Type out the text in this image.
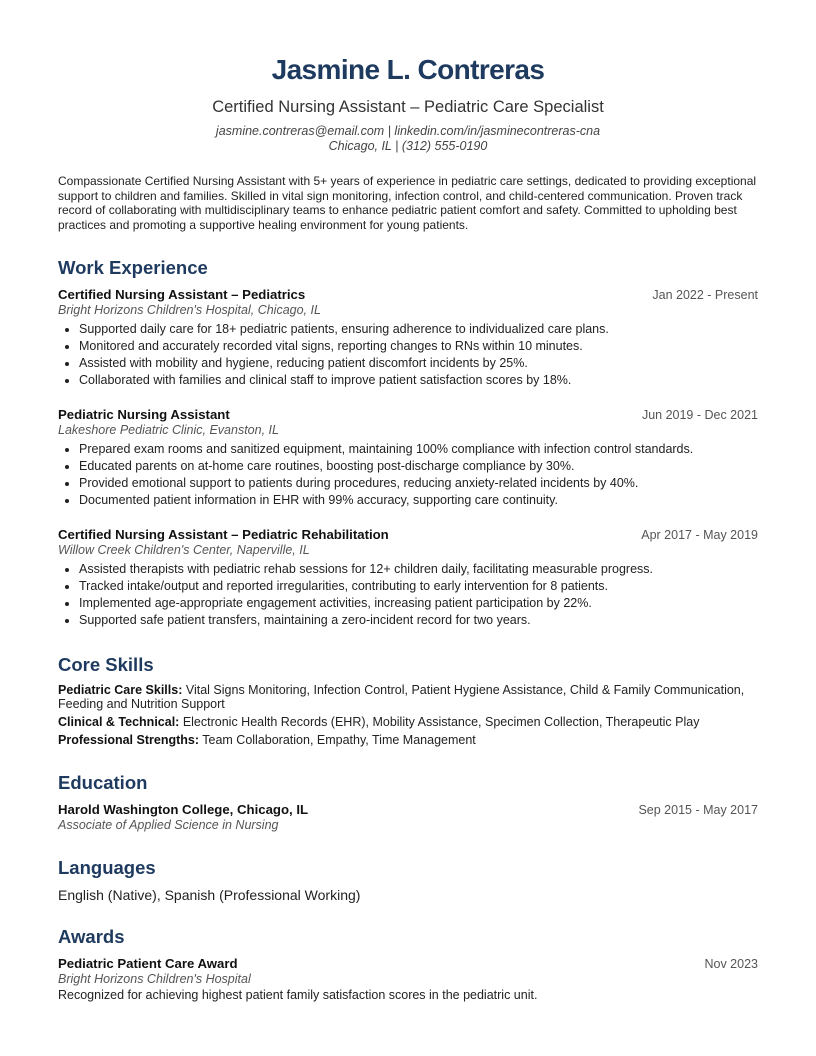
Jasmine L. Contreras
Certified Nursing Assistant – Pediatric Care Specialist
jasmine.contreras@email.com | linkedin.com/in/jasminecontreras-cna
Chicago, IL | (312) 555-0190
Compassionate Certified Nursing Assistant with 5+ years of experience in pediatric care settings, dedicated to providing exceptional support to children and families. Skilled in vital sign monitoring, infection control, and child-centered communication. Proven track record of collaborating with multidisciplinary teams to enhance pediatric patient comfort and safety. Committed to upholding best practices and promoting a supportive healing environment for young patients.
Work Experience
Certified Nursing Assistant – Pediatrics	Jan 2022 - Present
Bright Horizons Children's Hospital, Chicago, IL
• Supported daily care for 18+ pediatric patients, ensuring adherence to individualized care plans.
• Monitored and accurately recorded vital signs, reporting changes to RNs within 10 minutes.
• Assisted with mobility and hygiene, reducing patient discomfort incidents by 25%.
• Collaborated with families and clinical staff to improve patient satisfaction scores by 18%.
Pediatric Nursing Assistant	Jun 2019 - Dec 2021
Lakeshore Pediatric Clinic, Evanston, IL
• Prepared exam rooms and sanitized equipment, maintaining 100% compliance with infection control standards.
• Educated parents on at-home care routines, boosting post-discharge compliance by 30%.
• Provided emotional support to patients during procedures, reducing anxiety-related incidents by 40%.
• Documented patient information in EHR with 99% accuracy, supporting care continuity.
Certified Nursing Assistant – Pediatric Rehabilitation	Apr 2017 - May 2019
Willow Creek Children's Center, Naperville, IL
• Assisted therapists with pediatric rehab sessions for 12+ children daily, facilitating measurable progress.
• Tracked intake/output and reported irregularities, contributing to early intervention for 8 patients.
• Implemented age-appropriate engagement activities, increasing patient participation by 22%.
• Supported safe patient transfers, maintaining a zero-incident record for two years.
Core Skills
Pediatric Care Skills: Vital Signs Monitoring, Infection Control, Patient Hygiene Assistance, Child & Family Communication, Feeding and Nutrition Support
Clinical & Technical: Electronic Health Records (EHR), Mobility Assistance, Specimen Collection, Therapeutic Play
Professional Strengths: Team Collaboration, Empathy, Time Management
Education
Harold Washington College, Chicago, IL	Sep 2015 - May 2017
Associate of Applied Science in Nursing
Languages
English (Native), Spanish (Professional Working)
Awards
Pediatric Patient Care Award	Nov 2023
Bright Horizons Children's Hospital
Recognized for achieving highest patient family satisfaction scores in the pediatric unit.
